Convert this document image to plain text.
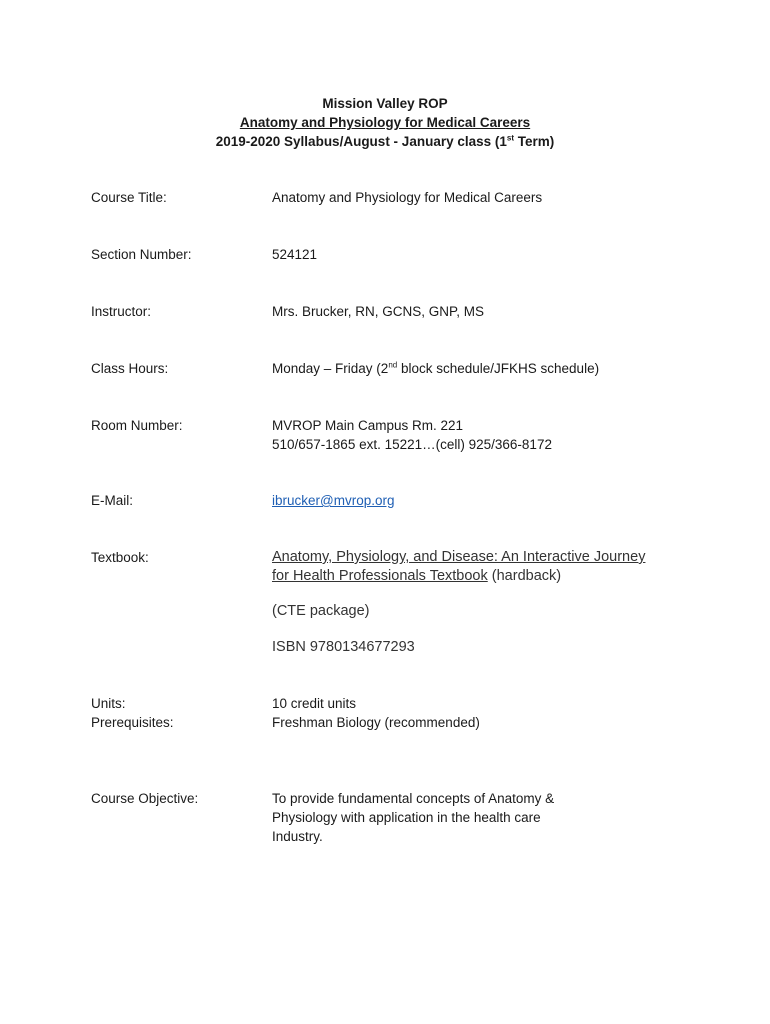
Mission Valley ROP
Anatomy and Physiology for Medical Careers
2019-2020 Syllabus/August - January class (1st Term)
Course Title:	Anatomy and Physiology for Medical Careers
Section Number:	524121
Instructor:	Mrs. Brucker, RN, GCNS, GNP, MS
Class Hours:	Monday – Friday (2nd block schedule/JFKHS schedule)
Room Number:	MVROP Main Campus Rm. 221
510/657-1865 ext. 15221…(cell) 925/366-8172
E-Mail:	ibrucker@mvrop.org
Textbook:	Anatomy, Physiology, and Disease: An Interactive Journey
for Health Professionals Textbook (hardback)
(CTE package)
ISBN 9780134677293
Units:	10 credit units
Prerequisites:	Freshman Biology (recommended)
Course Objective:	To provide fundamental concepts of Anatomy &
Physiology with application in the health care
Industry.
